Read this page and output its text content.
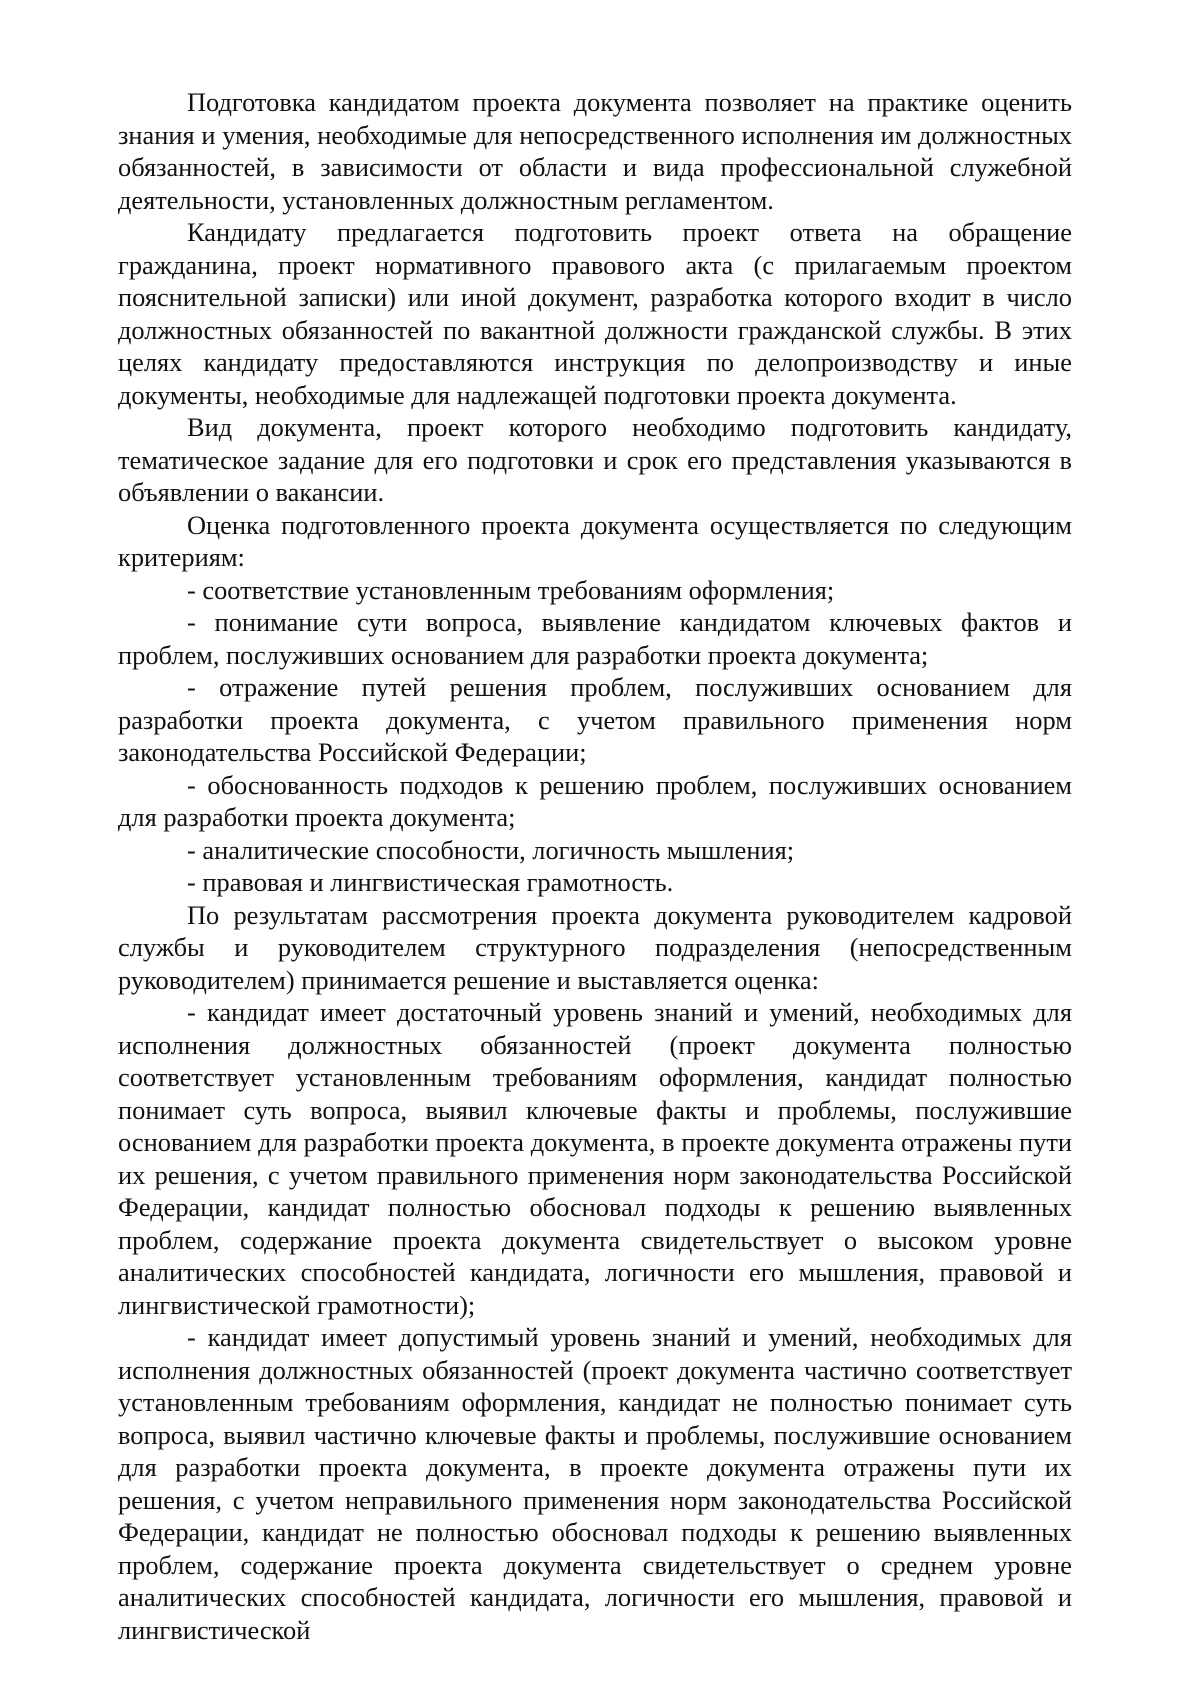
Подготовка кандидатом проекта документа позволяет на практике оценить знания и умения, необходимые для непосредственного исполнения им должностных обязанностей, в зависимости от области и вида профессиональной служебной деятельности, установленных должностным регламентом.

Кандидату предлагается подготовить проект ответа на обращение гражданина, проект нормативного правового акта (с прилагаемым проектом пояснительной записки) или иной документ, разработка которого входит в число должностных обязанностей по вакантной должности гражданской службы. В этих целях кандидату предоставляются инструкция по делопроизводству и иные документы, необходимые для надлежащей подготовки проекта документа.

Вид документа, проект которого необходимо подготовить кандидату, тематическое задание для его подготовки и срок его представления указываются в объявлении о вакансии.

Оценка подготовленного проекта документа осуществляется по следующим критериям:

- соответствие установленным требованиям оформления;

- понимание сути вопроса, выявление кандидатом ключевых фактов и проблем, послуживших основанием для разработки проекта документа;

- отражение путей решения проблем, послуживших основанием для разработки проекта документа, с учетом правильного применения норм законодательства Российской Федерации;

- обоснованность подходов к решению проблем, послуживших основанием для разработки проекта документа;

- аналитические способности, логичность мышления;

- правовая и лингвистическая грамотность.

По результатам рассмотрения проекта документа руководителем кадровой службы и руководителем структурного подразделения (непосредственным руководителем) принимается решение и выставляется оценка:

- кандидат имеет достаточный уровень знаний и умений, необходимых для исполнения должностных обязанностей (проект документа полностью соответствует установленным требованиям оформления, кандидат полностью понимает суть вопроса, выявил ключевые факты и проблемы, послужившие основанием для разработки проекта документа, в проекте документа отражены пути их решения, с учетом правильного применения норм законодательства Российской Федерации, кандидат полностью обосновал подходы к решению выявленных проблем, содержание проекта документа свидетельствует о высоком уровне аналитических способностей кандидата, логичности его мышления, правовой и лингвистической грамотности);

- кандидат имеет допустимый уровень знаний и умений, необходимых для исполнения должностных обязанностей (проект документа частично соответствует установленным требованиям оформления, кандидат не полностью понимает суть вопроса, выявил частично ключевые факты и проблемы, послужившие основанием для разработки проекта документа, в проекте документа отражены пути их решения, с учетом неправильного применения норм законодательства Российской Федерации, кандидат не полностью обосновал подходы к решению выявленных проблем, содержание проекта документа свидетельствует о среднем уровне аналитических способностей кандидата, логичности его мышления, правовой и лингвистической
